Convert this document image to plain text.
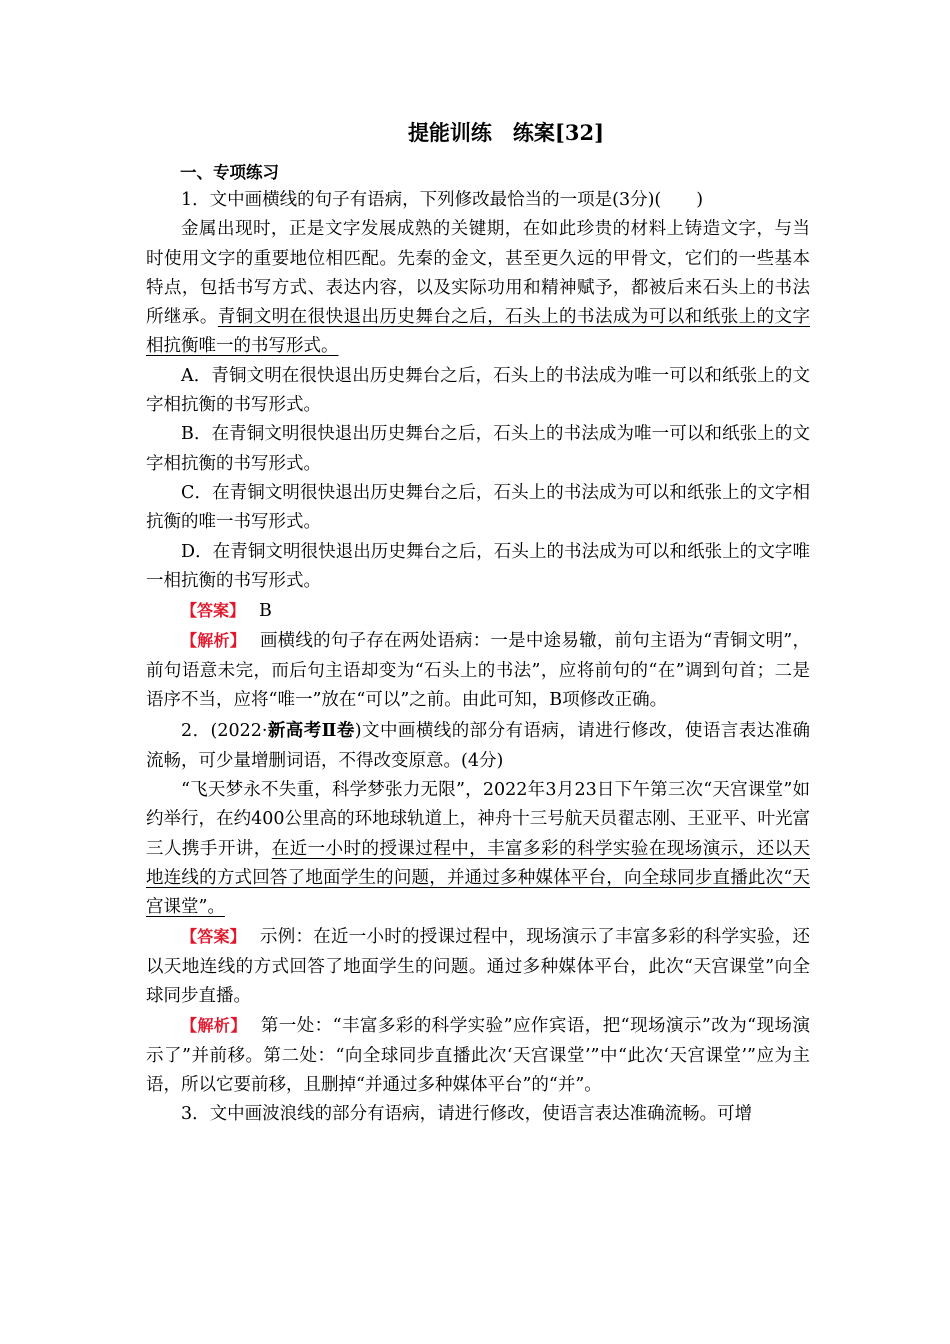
提能训练　练案[32]
一、专项练习

1．文中画横线的句子有语病，下列修改最恰当的一项是(3分)(　　)

金属出现时，正是文字发展成熟的关键期，在如此珍贵的材料上铸造文字，与当时使用文字的重要地位相匹配。先秦的金文，甚至更久远的甲骨文，它们的一些基本特点，包括书写方式、表达内容，以及实际功用和精神赋予，都被后来石头上的书法所继承。青铜文明在很快退出历史舞台之后，石头上的书法成为可以和纸张上的文字相抗衡唯一的书写形式。

A．青铜文明在很快退出历史舞台之后，石头上的书法成为唯一可以和纸张上的文字相抗衡的书写形式。

B．在青铜文明很快退出历史舞台之后，石头上的书法成为唯一可以和纸张上的文字相抗衡的书写形式。

C．在青铜文明很快退出历史舞台之后，石头上的书法成为可以和纸张上的文字相抗衡的唯一书写形式。

D．在青铜文明很快退出历史舞台之后，石头上的书法成为可以和纸张上的文字唯一相抗衡的书写形式。

【答案】 B

【解析】 画横线的句子存在两处语病：一是中途易辙，前句主语为“青铜文明”，前句语意未完，而后句主语却变为“石头上的书法”，应将前句的“在”调到句首；二是语序不当，应将“唯一”放在“可以”之前。由此可知，B项修改正确。

2．(2022·新高考Ⅱ卷)文中画横线的部分有语病，请进行修改，使语言表达准确流畅，可少量增删词语，不得改变原意。(4分)

“飞天梦永不失重，科学梦张力无限”，2022年3月23日下午第三次“天宫课堂”如约举行，在约400公里高的环地球轨道上，神舟十三号航天员翟志刚、王亚平、叶光富三人携手开讲，在近一小时的授课过程中，丰富多彩的科学实验在现场演示，还以天地连线的方式回答了地面学生的问题，并通过多种媒体平台，向全球同步直播此次“天宫课堂”。

【答案】 示例：在近一小时的授课过程中，现场演示了丰富多彩的科学实验，还以天地连线的方式回答了地面学生的问题。通过多种媒体平台，此次“天宫课堂”向全球同步直播。

【解析】 第一处：“丰富多彩的科学实验”应作宾语，把“现场演示”改为“现场演示了”并前移。第二处：“向全球同步直播此次‘天宫课堂’”中“此次‘天宫课堂’”应为主语，所以它要前移，且删掉“并通过多种媒体平台”的“并”。

3．文中画波浪线的部分有语病，请进行修改，使语言表达准确流畅。可增
